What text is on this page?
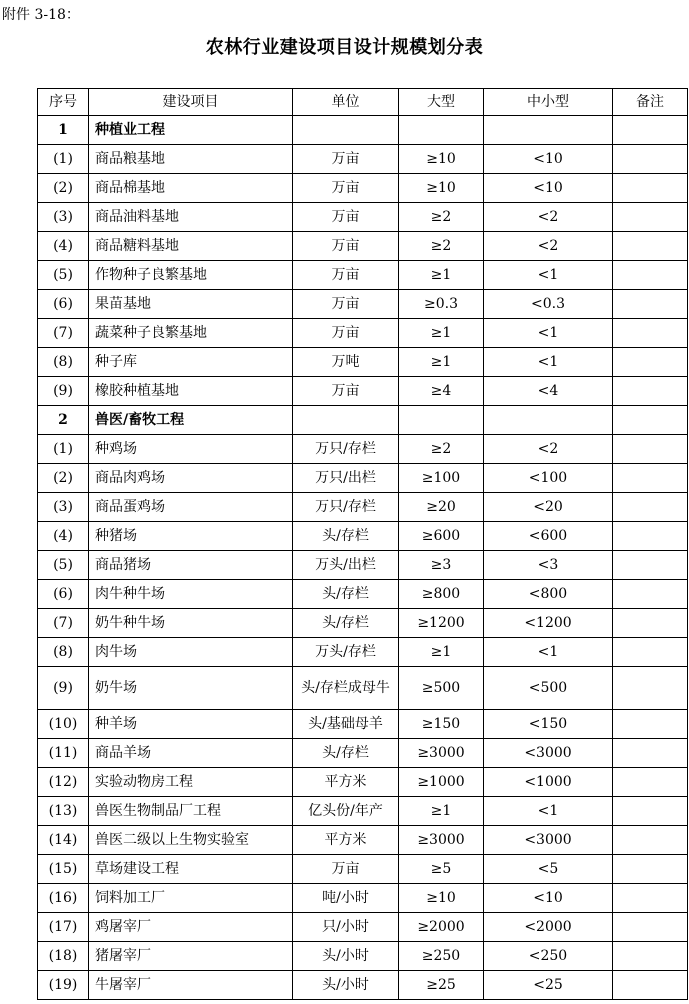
附件 3-18：
农林行业建设项目设计规模划分表
序号	建设项目	单位	大型	中小型	备注
1	种植业工程				
(1)	商品粮基地	万亩	≥10	<10	
(2)	商品棉基地	万亩	≥10	<10	
(3)	商品油料基地	万亩	≥2	<2	
(4)	商品糖料基地	万亩	≥2	<2	
(5)	作物种子良繁基地	万亩	≥1	<1	
(6)	果苗基地	万亩	≥0.3	<0.3	
(7)	蔬菜种子良繁基地	万亩	≥1	<1	
(8)	种子库	万吨	≥1	<1	
(9)	橡胶种植基地	万亩	≥4	<4	
2	兽医/畜牧工程				
(1)	种鸡场	万只/存栏	≥2	<2	
(2)	商品肉鸡场	万只/出栏	≥100	<100	
(3)	商品蛋鸡场	万只/存栏	≥20	<20	
(4)	种猪场	头/存栏	≥600	<600	
(5)	商品猪场	万头/出栏	≥3	<3	
(6)	肉牛种牛场	头/存栏	≥800	<800	
(7)	奶牛种牛场	头/存栏	≥1200	<1200	
(8)	肉牛场	万头/存栏	≥1	<1	
(9)	奶牛场	头/存栏成母牛	≥500	<500	
(10)	种羊场	头/基础母羊	≥150	<150	
(11)	商品羊场	头/存栏	≥3000	<3000	
(12)	实验动物房工程	平方米	≥1000	<1000	
(13)	兽医生物制品厂工程	亿头份/年产	≥1	<1	
(14)	兽医二级以上生物实验室	平方米	≥3000	<3000	
(15)	草场建设工程	万亩	≥5	<5	
(16)	饲料加工厂	吨/小时	≥10	<10	
(17)	鸡屠宰厂	只/小时	≥2000	<2000	
(18)	猪屠宰厂	头/小时	≥250	<250	
(19)	牛屠宰厂	头/小时	≥25	<25	
